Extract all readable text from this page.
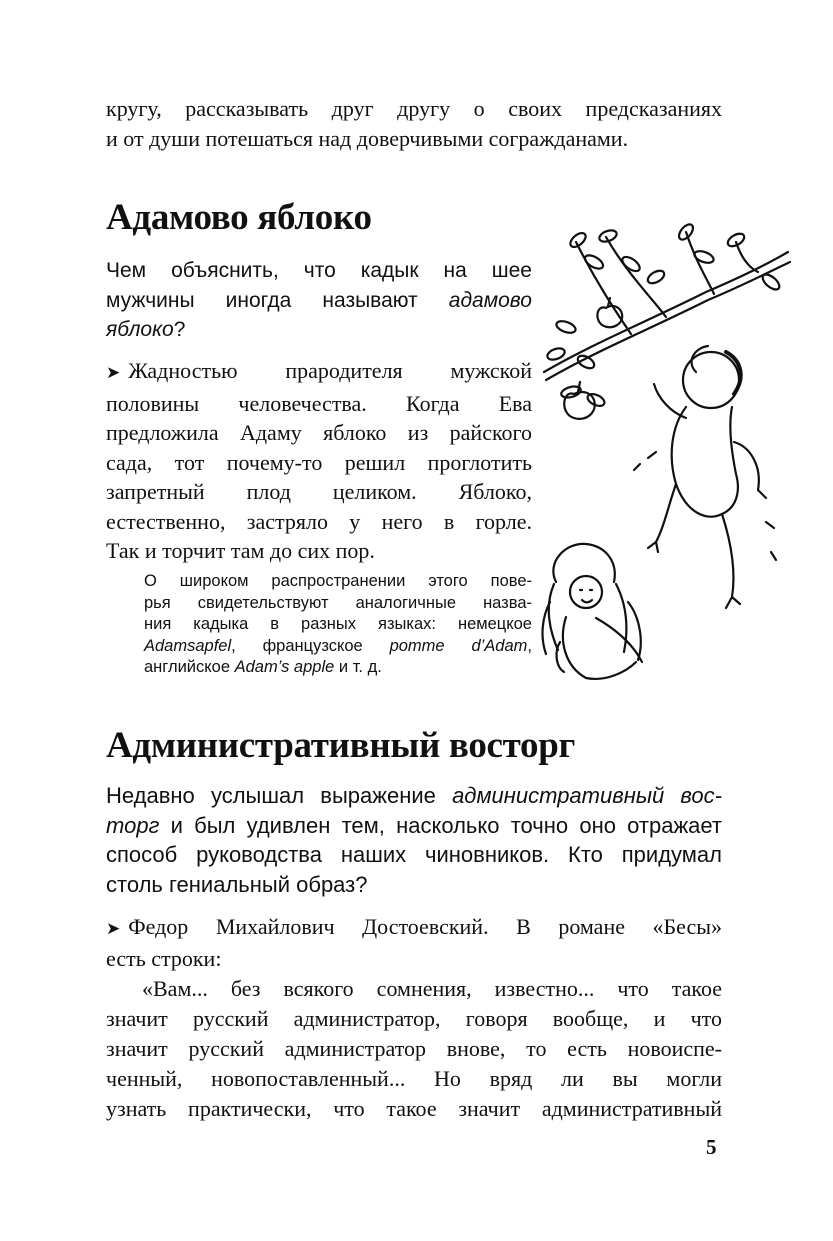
кругу, рассказывать друг другу о своих предсказаниях
и от души потешаться над доверчивыми согражданами.
Адамово яблоко
Чем объяснить, что кадык на шее
мужчины иногда называют адамово
яблоко?
➤ Жадностью прародителя мужской
половины человечества. Когда Ева
предложила Адаму яблоко из райского
сада, тот почему-то решил проглотить
запретный плод целиком. Яблоко,
естественно, застряло у него в горле.
Так и торчит там до сих пор.
О широком распространении этого пове-
рья свидетельствуют аналогичные назва-
ния кадыка в разных языках: немецкое
Adamsapfel, французское pomme d’Adam,
английское Adam’s apple и т. д.
Административный восторг
Недавно услышал выражение административный вос-
торг и был удивлен тем, насколько точно оно отражает
способ руководства наших чиновников. Кто придумал
столь гениальный образ?
➤ Федор Михайлович Достоевский. В романе «Бесы»
есть строки:
«Вам... без всякого сомнения, известно... что такое
значит русский администратор, говоря вообще, и что
значит русский администратор внове, то есть новоиспе-
ченный, новопоставленный... Но вряд ли вы могли
узнать практически, что такое значит административный
5
